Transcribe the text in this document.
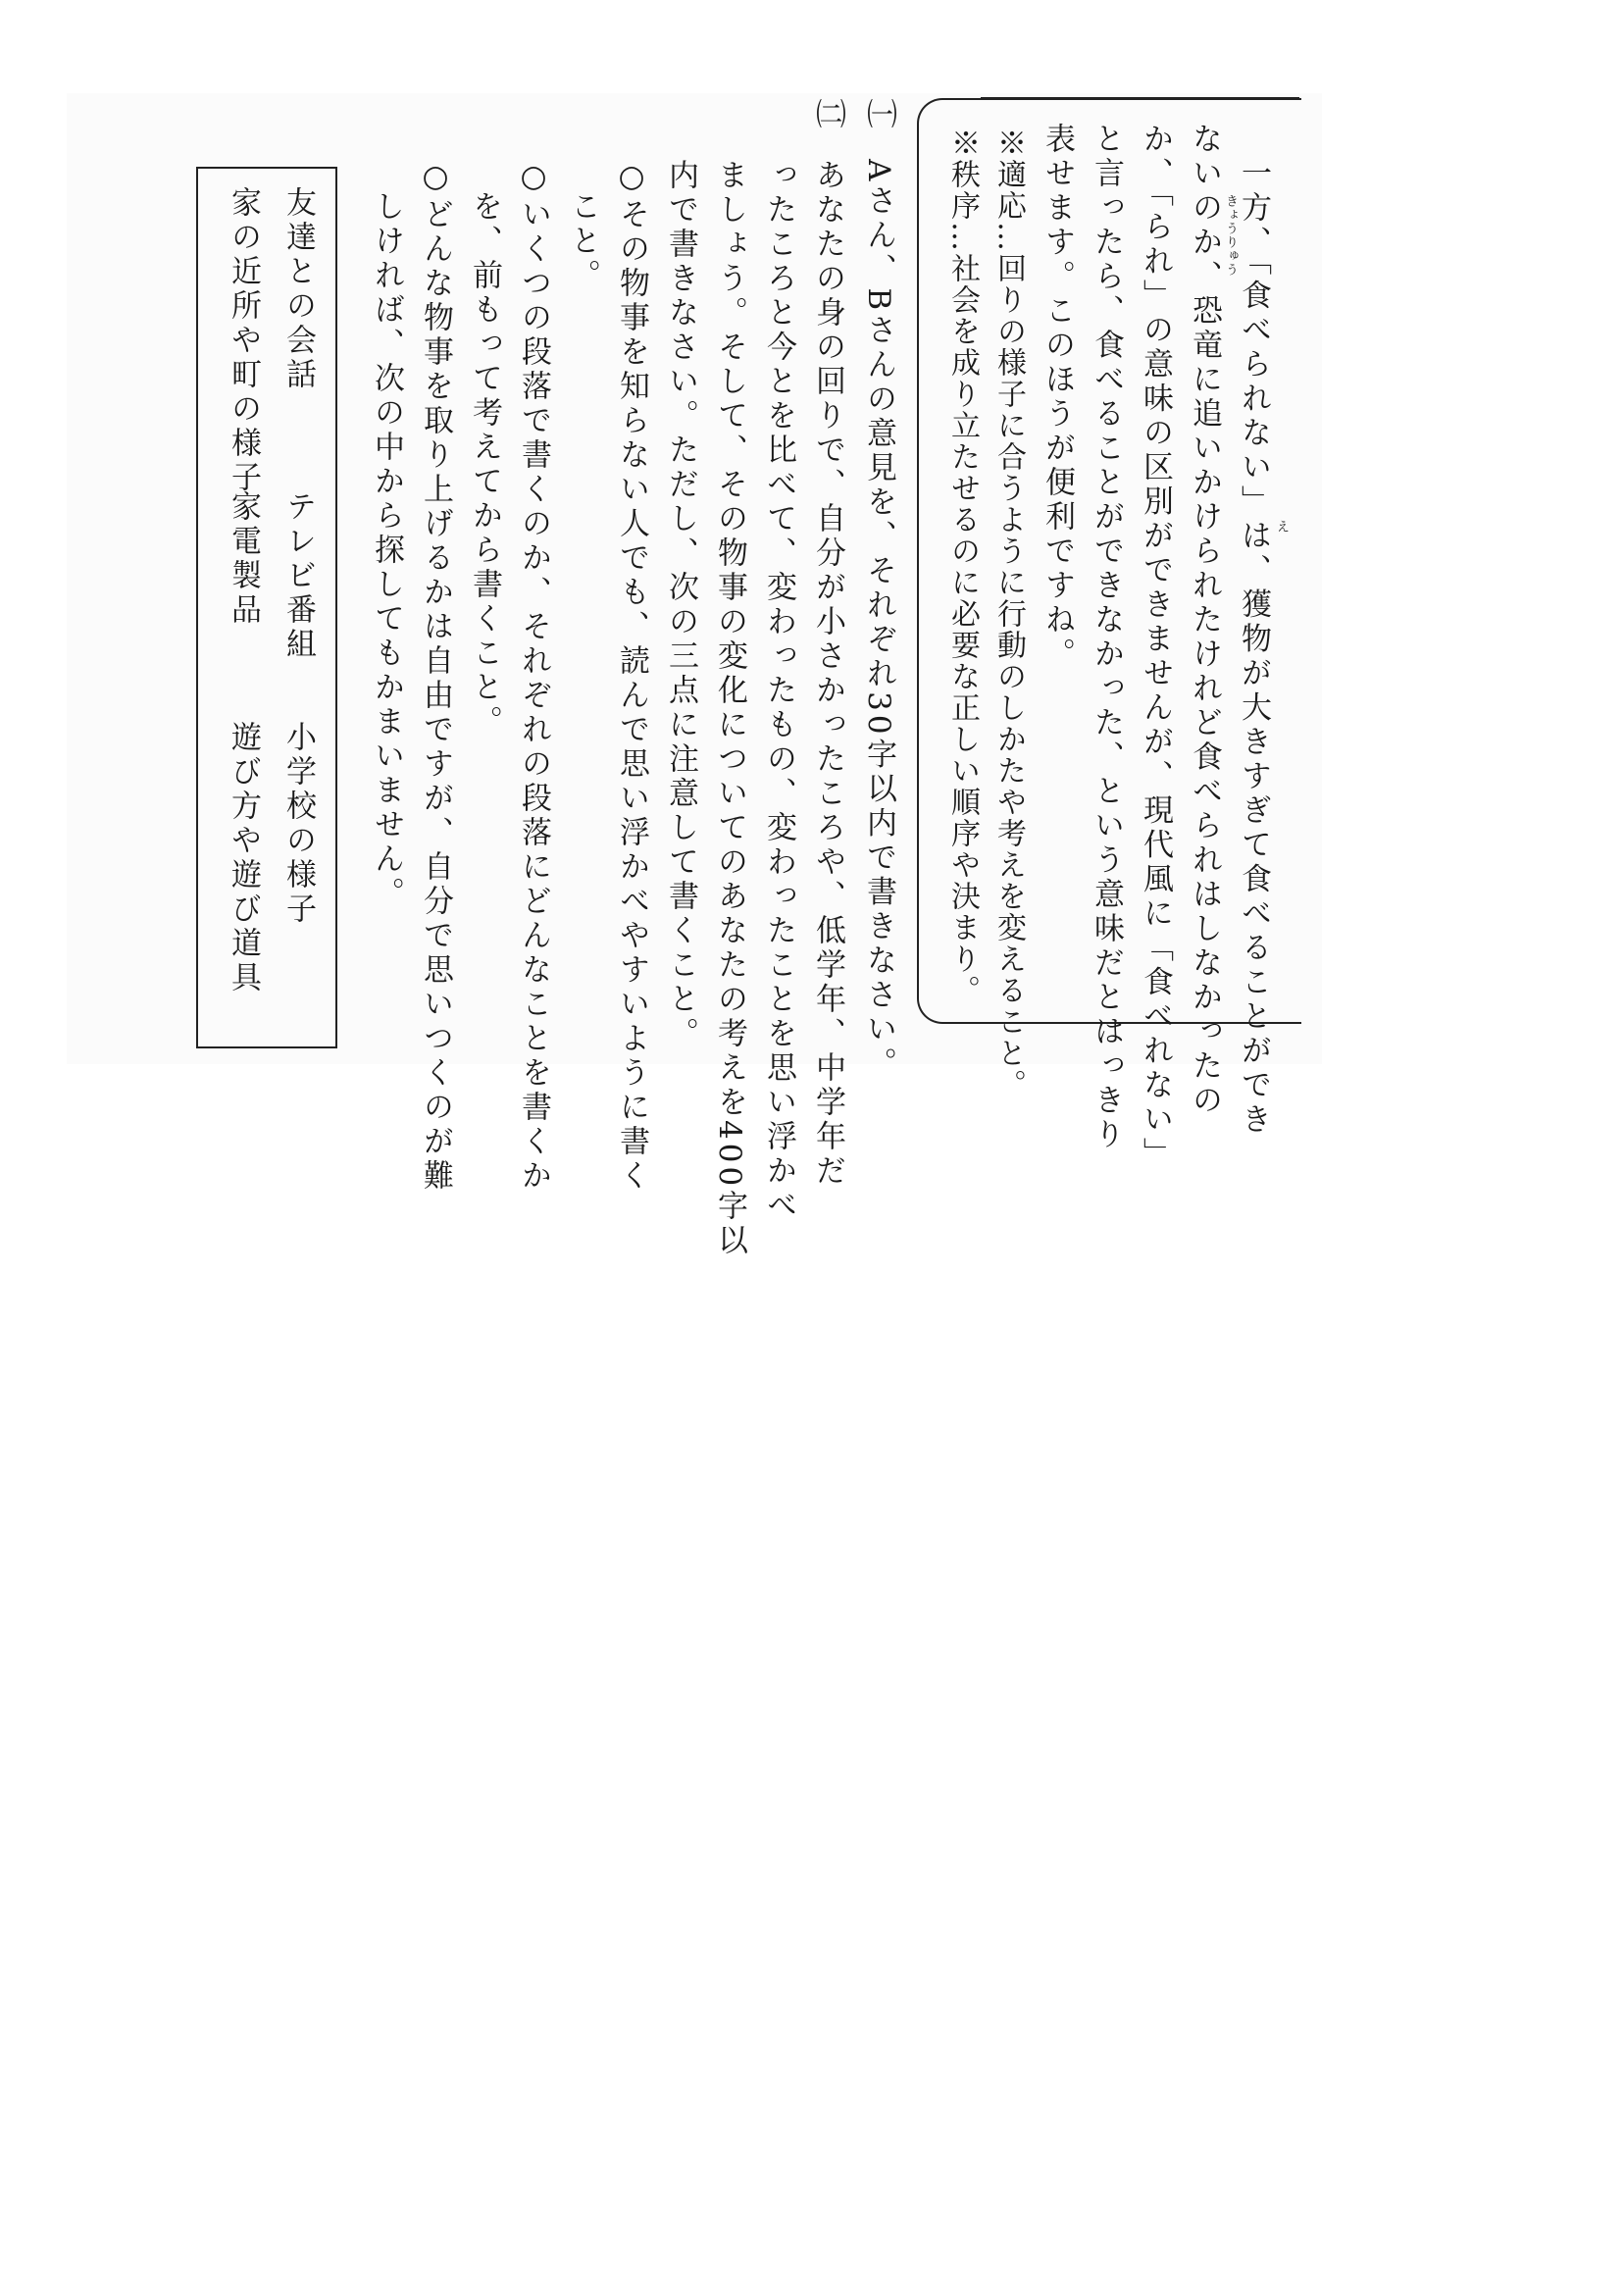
一方、「食べられない」は、獲物が大きすぎて食べることができ
ないのか、恐竜に追いかけられたけれど食べられはしなかったの
か、「られ」の意味の区別ができませんが、現代風に「食べれない」
と言ったら、食べることができなかった、という意味だとはっきり
表せます。このほうが便利ですね。	え
きょうりゅう
※適応…回りの様子に合うように行動のしかたや考えを変えること。
※秩序…社会を成り立たせるのに必要な正しい順序や決まり。
㈠
Aさん、Bさんの意見を、それぞれ30字以内で書きなさい。
㈡
あなたの身の回りで、自分が小さかったころや、低学年、中学年だ
ったころと今とを比べて、変わったもの、変わったことを思い浮かべ
ましょう。そして、その物事の変化についてのあなたの考えを400字以
内で書きなさい。ただし、次の三点に注意して書くこと。
○その物事を知らない人でも、読んで思い浮かべやすいように書く
こと。
○いくつの段落で書くのか、それぞれの段落にどんなことを書くか
を、前もって考えてから書くこと。
○どんな物事を取り上げるかは自由ですが、自分で思いつくのが難
しければ、次の中から探してもかまいません。
友達との会話
テレビ番組
小学校の様子
家の近所や町の様子
家電製品
遊び方や遊び道具
